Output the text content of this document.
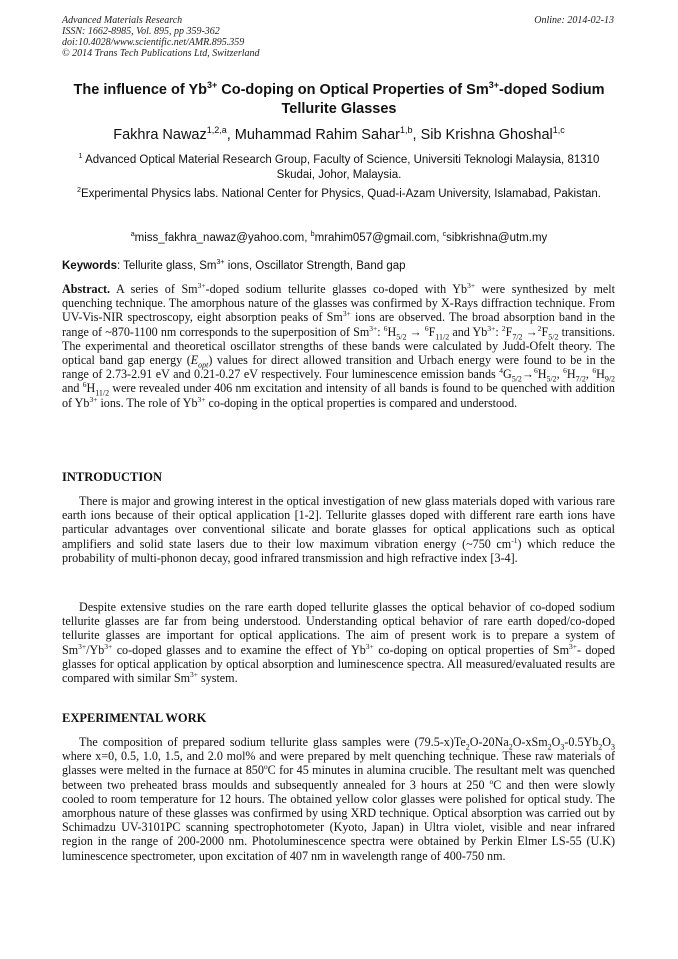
Advanced Materials Research
ISSN: 1662-8985, Vol. 895, pp 359-362
doi:10.4028/www.scientific.net/AMR.895.359
© 2014 Trans Tech Publications Ltd, Switzerland
Online: 2014-02-13
The influence of $Yb^{3+}$ Co-doping on Optical Properties of $Sm^{3+}$-doped Sodium Tellurite Glasses
Fakhra Nawaz$^{1,2,a}$, Muhammad Rahim Sahar$^{1,b}$, Sib Krishna Ghoshal$^{1,c}$
$^1$ Advanced Optical Material Research Group, Faculty of Science, Universiti Teknologi Malaysia, 81310 Skudai, Johor, Malaysia.
$^2$Experimental Physics labs. National Center for Physics, Quad-i-Azam University, Islamabad, Pakistan.
$^a$miss_fakhra_nawaz@yahoo.com, $^b$mrahim057@gmail.com, $^c$sibkrishna@utm.my
Keywords: Tellurite glass, $Sm^{3+}$ ions, Oscillator Strength, Band gap
Abstract. A series of $Sm^{3+}$-doped sodium tellurite glasses co-doped with $Yb^{3+}$ were synthesized by melt quenching technique. The amorphous nature of the glasses was confirmed by X-Rays diffraction technique. From UV-Vis-NIR spectroscopy, eight absorption peaks of $Sm^{3+}$ ions are observed. The broad absorption band in the range of ~870-1100 nm corresponds to the superposition of $Sm^{3+}$: $^6H_{5/2} \to ^6F_{11/2}$ and $Yb^{3+}$: $^2F_{7/2} \to^2F_{5/2}$ transitions. The experimental and theoretical oscillator strengths of these bands were calculated by Judd-Ofelt theory. The optical band gap energy $(E_{opt})$ values for direct allowed transition and Urbach energy were found to be in the range of 2.73-2.91 eV and 0.21-0.27 eV respectively. Four luminescence emission bands $^4G_{5/2}\to^6H_{5/2}$, $^6H_{7/2}$, $^6H_{9/2}$ and $^6H_{11/2}$ were revealed under 406 nm excitation and intensity of all bands is found to be quenched with addition of $Yb^{3+}$ ions. The role of $Yb^{3+}$ co-doping in the optical properties is compared and understood.
INTRODUCTION
There is major and growing interest in the optical investigation of new glass materials doped with various rare earth ions because of their optical application [1-2]. Tellurite glasses doped with different rare earth ions have particular advantages over conventional silicate and borate glasses for optical applications such as optical amplifiers and solid state lasers due to their low maximum vibration energy (~750 $cm^{-1}$) which reduce the probability of multi-phonon decay, good infrared transmission and high refractive index [3-4].
Despite extensive studies on the rare earth doped tellurite glasses the optical behavior of co-doped sodium tellurite glasses are far from being understood. Understanding optical behavior of rare earth doped/co-doped tellurite glasses are important for optical applications. The aim of present work is to prepare a system of $Sm^{3+}/Yb^{3+}$ co-doped glasses and to examine the effect of $Yb^{3+}$ co-doping on optical properties of $Sm^{3+}-$ doped glasses for optical application by optical absorption and luminescence spectra. All measured/evaluated results are compared with similar $Sm^{3+}$ system.
EXPERIMENTAL WORK
The composition of prepared sodium tellurite glass samples were $(79.5-x)Te_2O-20Na_2O-xSm_2O_3-0.5Yb_2O_3$ where x=0, 0.5, 1.0, 1.5, and 2.0 mol% and were prepared by melt quenching technique. These raw materials of glasses were melted in the furnace at 850$^o$C for 45 minutes in alumina crucible. The resultant melt was quenched between two preheated brass moulds and subsequently annealed for 3 hours at 250 $^o$C and then were slowly cooled to room temperature for 12 hours. The obtained yellow color glasses were polished for optical study. The amorphous nature of these glasses was confirmed by using XRD technique. Optical absorption was carried out by Schimadzu UV-3101PC scanning spectrophotometer (Kyoto, Japan) in Ultra violet, visible and near infrared region in the range of 200-2000 nm. Photoluminescence spectra were obtained by Perkin Elmer LS-55 (U.K) luminescence spectrometer, upon excitation of 407 nm in wavelength range of 400-750 nm.
